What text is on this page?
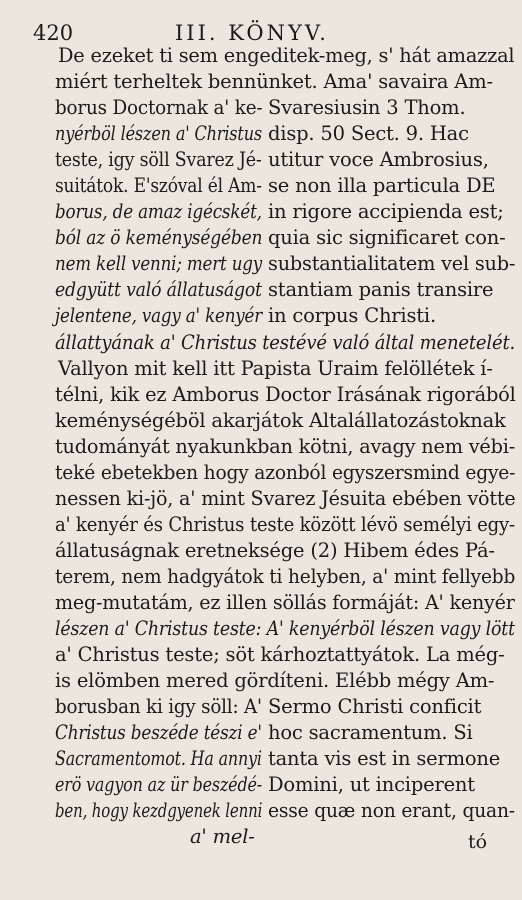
420	III. KÖNYV.
De ezeket ti sem engeditek-meg, s' hát amazzal
miért terheltek bennünket. Ama' savaira Am-
borus Doctornak a' ke-
nyérböl lészen a' Christus
teste, igy söll Svarez Jé-
suitátok. E'szóval él Am-
borus, de amaz igécskét,
ból az ö keménységében
nem kell venni; mert ugy
edgyütt való állatuságot
jelentene, vagy a' kenyér
Svaresiusin 3 Thom.
disp. 50 Sect. 9. Hac
utitur voce Ambrosius,
se non illa particula DE
in rigore accipienda est;
quia sic significaret con-
substantialitatem vel sub-
stantiam panis transire
in corpus Christi.
állattyának a' Christus testévé való által menetelét.
Vallyon mit kell itt Papista Uraim felöllétek í-
télni, kik ez Amborus Doctor Irásának rigorából
keménységéböl akarjátok Altalállatozástoknak
tudományát nyakunkban kötni, avagy nem vébi-
teké ebetekben hogy azonból egyszersmind egye-
nessen ki-jö, a' mint Svarez Jésuita ebében vötte
a' kenyér és Christus teste között lévö semélyi egy-
állatuságnak eretneksége (2) Hibem édes Pá-
terem, nem hadgyátok ti helyben, a' mint fellyebb
meg-mutatám, ez illen söllás formáját: A' kenyér
lészen a' Christus teste: A' kenyérböl lészen vagy lött
a' Christus teste; söt kárhoztattyátok. La még-
is elömben mered gördíteni. Elébb mégy Am-
borusban ki igy söll: A'
Christus beszéde tészi e'
Sacramentomot. Ha annyi
erö vagyon az ür beszédé-
ben, hogy kezdgyenek lenni
a' mel-
Sermo Christi conficit
hoc sacramentum. Si
tanta vis est in sermone
Domini, ut inciperent
esse quæ non erant, quan-
tó
